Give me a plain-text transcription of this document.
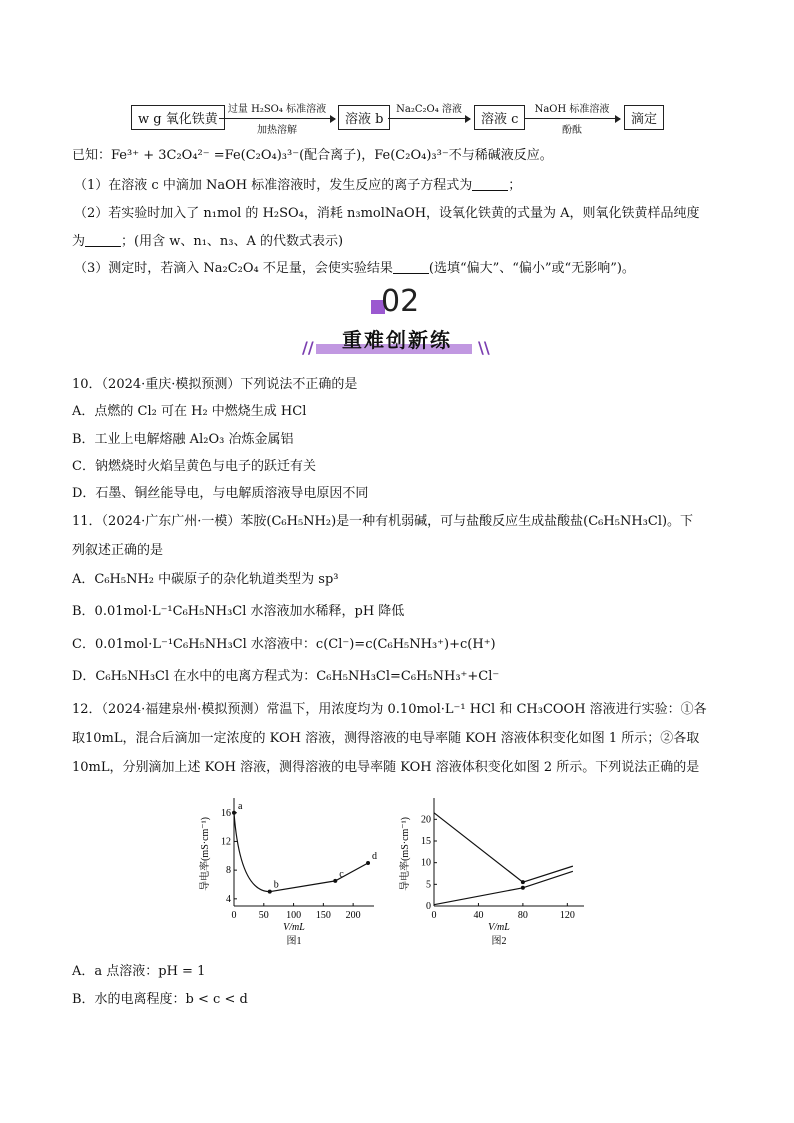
w g 氧化铁黄
过量 H₂SO₄ 标准溶液
加热溶解
溶液 b
Na₂C₂O₄ 溶液
溶液 c
NaOH 标准溶液
酚酞
滴定
已知：Fe³⁺ + 3C₂O₄²⁻ =Fe(C₂O₄)₃³⁻(配合离子)，Fe(C₂O₄)₃³⁻不与稀碱液反应。
（1）在溶液 c 中滴加 NaOH 标准溶液时，发生反应的离子方程式为	；
（2）若实验时加入了 n₁mol 的 H₂SO₄，消耗 n₃molNaOH，设氧化铁黄的式量为 A，则氧化铁黄样品纯度
为	；(用含 w、n₁、n₃、A 的代数式表示)
（3）测定时，若滴入 Na₂C₂O₄ 不足量，会使实验结果	(选填“偏大”、“偏小”或“无影响”)。
02
重难创新练
//	\\
10．（2024·重庆·模拟预测）下列说法不正确的是
A．点燃的 Cl₂ 可在 H₂ 中燃烧生成 HCl
B．工业上电解熔融 Al₂O₃ 冶炼金属铝
C．钠燃烧时火焰呈黄色与电子的跃迁有关
D．石墨、铜丝能导电，与电解质溶液导电原因不同
11．（2024·广东广州·一模）苯胺(C₆H₅NH₂)是一种有机弱碱，可与盐酸反应生成盐酸盐(C₆H₅NH₃Cl)。下
列叙述正确的是
A．C₆H₅NH₂ 中碳原子的杂化轨道类型为 sp³
B．0.01mol·L⁻¹C₆H₅NH₃Cl 水溶液加水稀释，pH 降低
C．0.01mol·L⁻¹C₆H₅NH₃Cl 水溶液中：c(Cl⁻)=c(C₆H₅NH₃⁺)+c(H⁺)
D．C₆H₅NH₃Cl 在水中的电离方程式为：C₆H₅NH₃Cl=C₆H₅NH₃⁺+Cl⁻
12．（2024·福建泉州·模拟预测）常温下，用浓度均为 0.10mol·L⁻¹ HCl 和 CH₃COOH 溶液进行实验：①各
取10mL，混合后滴加一定浓度的 KOH 溶液，测得溶液的电导率随 KOH 溶液体积变化如图 1 所示；②各取
10mL，分别滴加上述 KOH 溶液，测得溶液的电导率随 KOH 溶液体积变化如图 2 所示。下列说法正确的是
0 50 100 150 200
4
8
12
16
V/mL
导电率(mS·cm⁻¹)
图1
a
b
c
d
0	40	80	120
0
5
10
15
20
V/mL
导电率(mS·cm⁻¹)
图2
A．a 点溶液：pH = 1
B．水的电离程度：b < c < d
